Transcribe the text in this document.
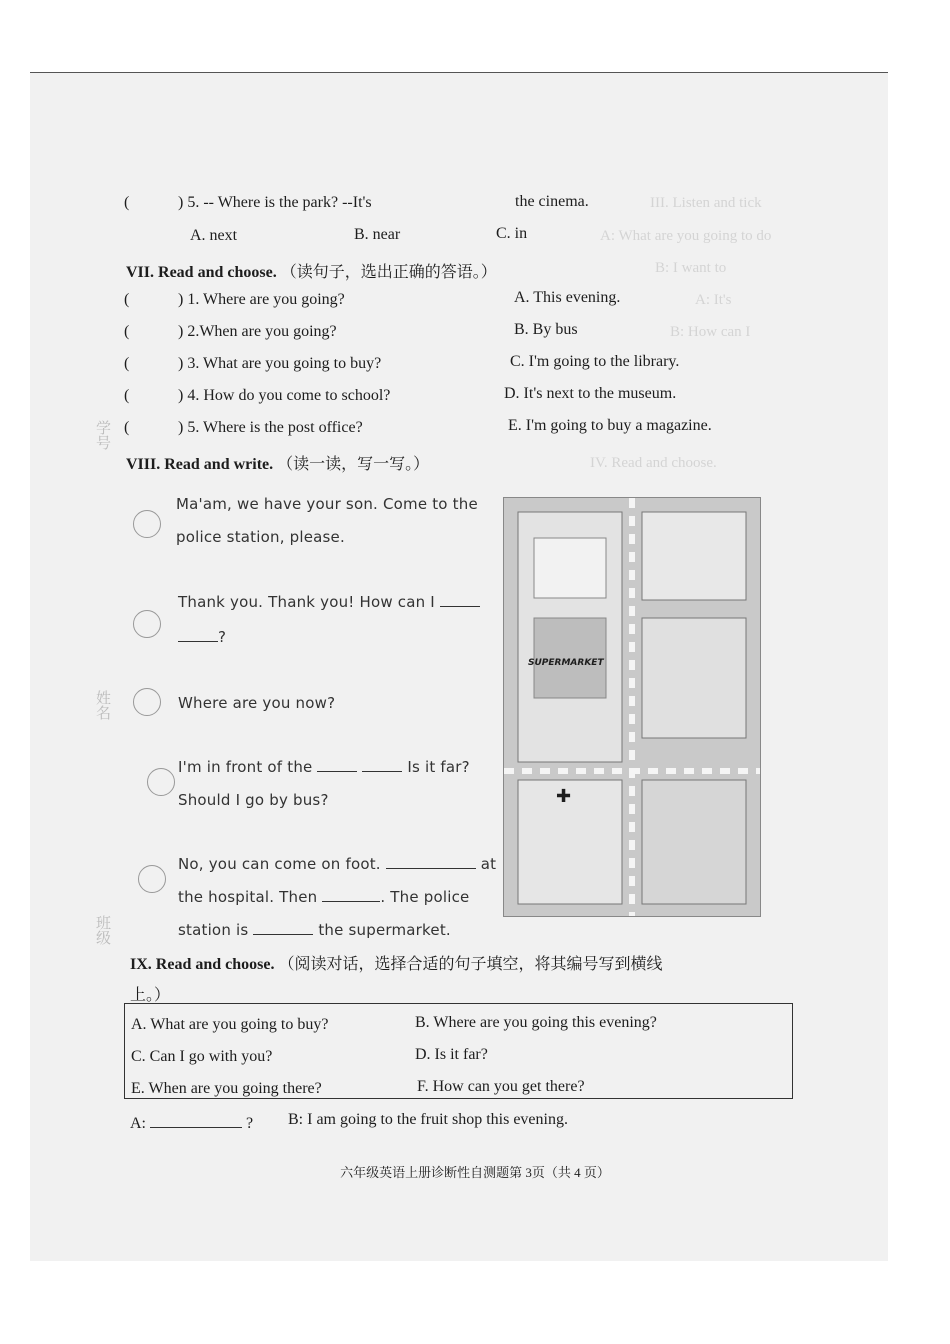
III. Listen and tick
A: What are you going to do
B: I want to
A: It's
B: How can I
IV. Read and choose.
学号
姓名
班级
(	) 5. -- Where is the park? --It's	the cinema.
A. next	B. near	C. in
VII. Read and choose. （读句子，选出正确的答语。）
(	) 1. Where are you going?	A. This evening.
(	) 2.When are you going?	B. By bus
(	) 3. What are you going to buy?	C. I'm going to the library.
(	) 4. How do you come to school?	D. It's next to the museum.
(	) 5. Where is the post office?	E. I'm going to buy a magazine.
VIII. Read and write. （读一读，写一写。）
Ma'am, we have your son. Come to the
police station, please.
Thank you. Thank you! How can I
?
Where are you now?
I'm in front of the	Is it far?
Should I go by bus?
No, you can come on foot.	at
the hospital. Then	. The police
station is	the supermarket.
SUPERMARKET
✚
IX. Read and choose. （阅读对话，选择合适的句子填空，将其编号写到横线
上。）
A. What are you going to buy?	B. Where are you going this evening?
C. Can I go with you?	D. Is it far?
E. When are you going there?	F. How can you get there?
A:	? B: I am going to the fruit shop this evening.
六年级英语上册诊断性自测题第 3页（共 4 页）
